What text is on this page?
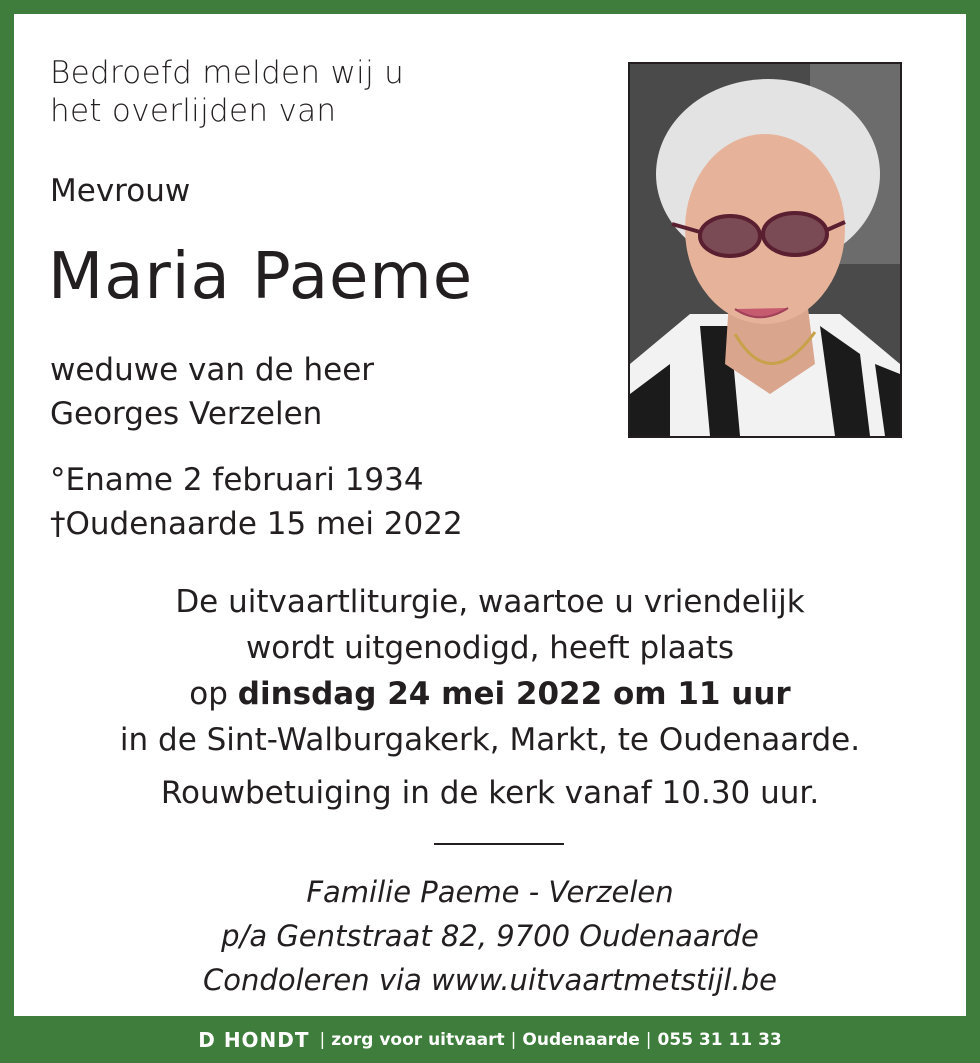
Bedroefd melden wij u
het overlijden van
Mevrouw
Maria Paeme
weduwe van de heer
Georges Verzelen
°Ename 2 februari 1934
†Oudenaarde 15 mei 2022
De uitvaartliturgie, waartoe u vriendelijk
wordt uitgenodigd, heeft plaats
op dinsdag 24 mei 2022 om 11 uur
in de Sint-Walburgakerk, Markt, te Oudenaarde.
Rouwbetuiging in de kerk vanaf 10.30 uur.
Familie Paeme - Verzelen
p/a Gentstraat 82, 9700 Oudenaarde
Condoleren via www.uitvaartmetstijl.be
D HONDT | zorg voor uitvaart | Oudenaarde | 055 31 11 33
